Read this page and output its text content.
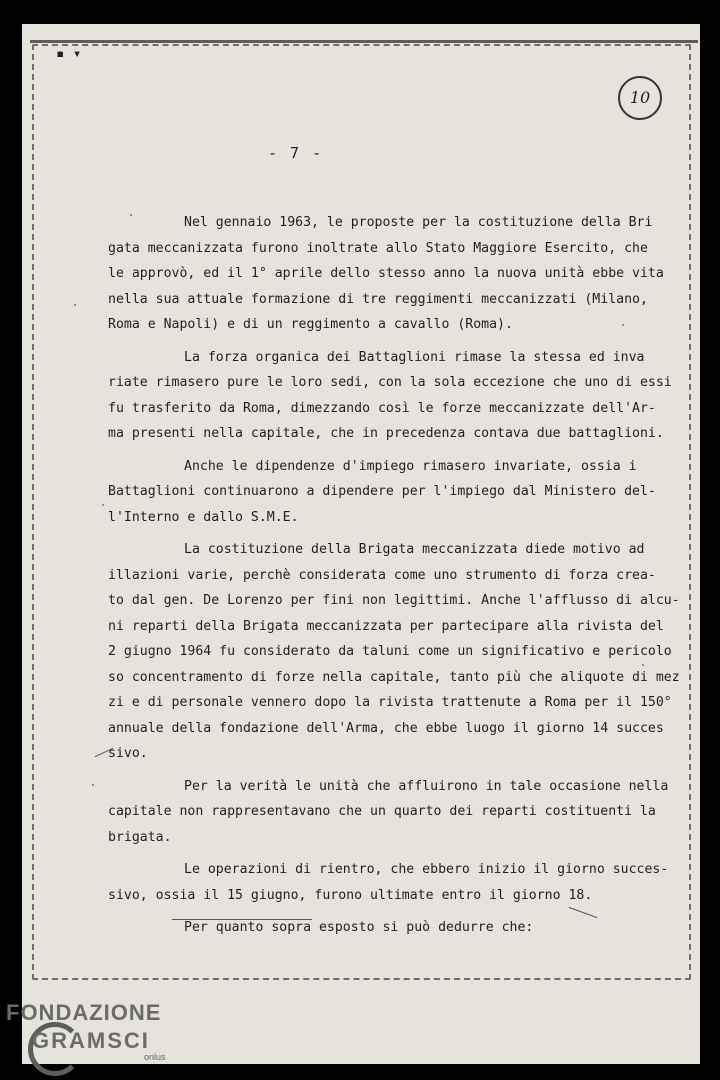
▪ ▾
10
- 7 -
Nel gennaio 1963, le proposte per la costituzione della Bri
gata meccanizzata furono inoltrate allo Stato Maggiore Esercito, che
le approvò, ed il 1° aprile dello stesso anno la nuova unità ebbe vita
nella sua attuale formazione di tre reggimenti meccanizzati (Milano,
Roma e Napoli) e di un reggimento a cavallo (Roma).
La forza organica dei Battaglioni rimase la stessa ed inva
riate rimasero pure le loro sedi, con la sola eccezione che uno di essi
fu trasferito da Roma, dimezzando così le forze meccanizzate dell'Ar-
ma presenti nella capitale, che in precedenza contava due battaglioni.
Anche le dipendenze d'impiego rimasero invariate, ossia i
Battaglioni continuarono a dipendere per l'impiego dal Ministero del-
l'Interno e dallo S.M.E.
La costituzione della Brigata meccanizzata diede motivo ad
illazioni varie, perchè considerata come uno strumento di forza crea-
to dal gen. De Lorenzo per fini non legittimi. Anche l'afflusso di alcu-
ni reparti della Brigata meccanizzata per partecipare alla rivista del
2 giugno 1964 fu considerato da taluni come un significativo e pericolo
so concentramento di forze nella capitale, tanto più che aliquote di mez
zi e di personale vennero dopo la rivista trattenute a Roma per il 150°
annuale della fondazione dell'Arma, che ebbe luogo il giorno 14 succes
sivo.
Per la verità le unità che affluirono in tale occasione nella
capitale non rappresentavano che un quarto dei reparti costituenti la
brigata.
Le operazioni di rientro, che ebbero inizio il giorno succes-
sivo, ossia il 15 giugno, furono ultimate entro il giorno 18.
Per quanto sopra esposto si può dedurre che:
FONDAZIONE
GRAMSCI
onlus
